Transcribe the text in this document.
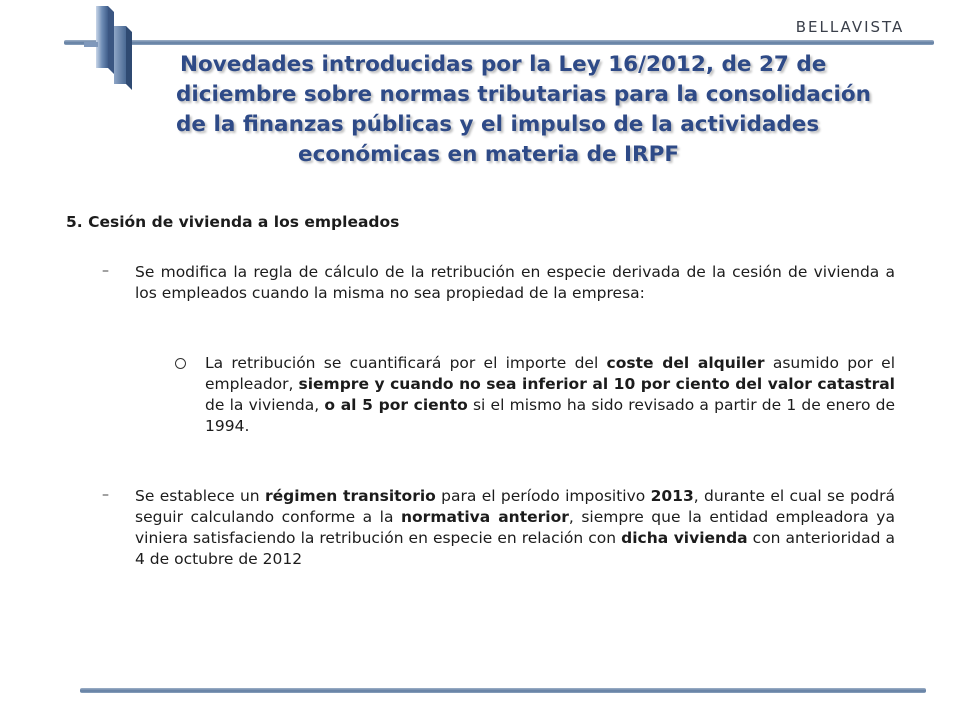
BELLAVISTA
Novedades introducidas por la Ley 16/2012, de 27 de
diciembre sobre normas tributarias para la consolidación
de la finanzas públicas y el impulso de la actividades
económicas en materia de IRPF
5. Cesión de vivienda a los empleados
– Se modifica la regla de cálculo de la retribución en especie derivada de la cesión de vivienda a los empleados cuando la misma no sea propiedad de la empresa:
La retribución se cuantificará por el importe del coste del alquiler asumido por el empleador, siempre y cuando no sea inferior al 10 por ciento del valor catastral de la vivienda, o al 5 por ciento si el mismo ha sido revisado a partir de 1 de enero de 1994.
– Se establece un régimen transitorio para el período impositivo 2013, durante el cual se podrá seguir calculando conforme a la normativa anterior, siempre que la entidad empleadora ya viniera satisfaciendo la retribución en especie en relación con dicha vivienda con anterioridad a 4 de octubre de 2012
